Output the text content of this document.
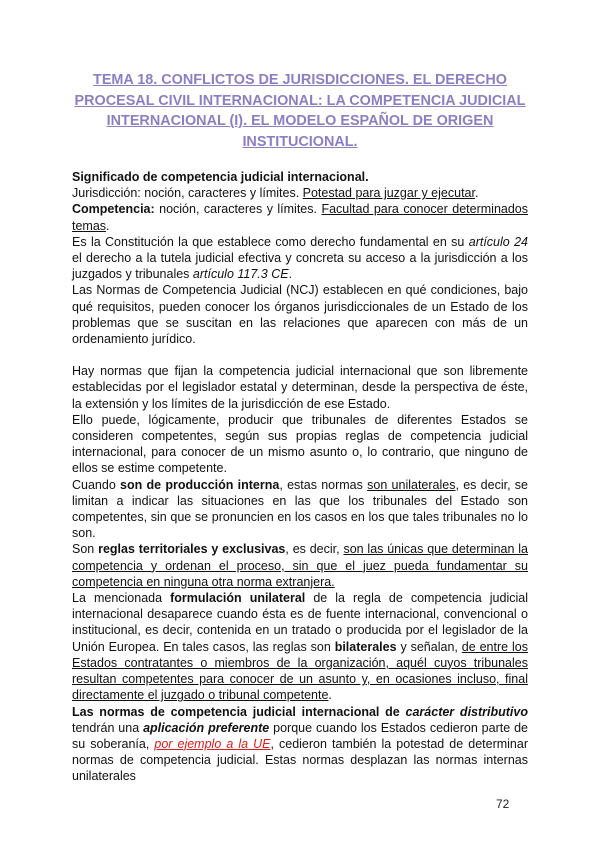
TEMA 18. CONFLICTOS DE JURISDICCIONES. EL DERECHO PROCESAL CIVIL INTERNACIONAL: LA COMPETENCIA JUDICIAL INTERNACIONAL (I). EL MODELO ESPAÑOL DE ORIGEN INSTITUCIONAL.

Significado de competencia judicial internacional.

Jurisdicción: noción, caracteres y límites. Potestad para juzgar y ejecutar.

Competencia: noción, caracteres y límites. Facultad para conocer determinados temas.

Es la Constitución la que establece como derecho fundamental en su artículo 24 el derecho a la tutela judicial efectiva y concreta su acceso a la jurisdicción a los juzgados y tribunales artículo 117.3 CE.

Las Normas de Competencia Judicial (NCJ) establecen en qué condiciones, bajo qué requisitos, pueden conocer los órganos jurisdiccionales de un Estado de los problemas que se suscitan en las relaciones que aparecen con más de un ordenamiento jurídico.

Hay normas que fijan la competencia judicial internacional que son libremente establecidas por el legislador estatal y determinan, desde la perspectiva de éste, la extensión y los límites de la jurisdicción de ese Estado.

Ello puede, lógicamente, producir que tribunales de diferentes Estados se consideren competentes, según sus propias reglas de competencia judicial internacional, para conocer de un mismo asunto o, lo contrario, que ninguno de ellos se estime competente.

Cuando son de producción interna, estas normas son unilaterales, es decir, se limitan a indicar las situaciones en las que los tribunales del Estado son competentes, sin que se pronuncien en los casos en los que tales tribunales no lo son.

Son reglas territoriales y exclusivas, es decir, son las únicas que determinan la competencia y ordenan el proceso, sin que el juez pueda fundamentar su competencia en ninguna otra norma extranjera.

La mencionada formulación unilateral de la regla de competencia judicial internacional desaparece cuando ésta es de fuente internacional, convencional o institucional, es decir, contenida en un tratado o producida por el legislador de la Unión Europea. En tales casos, las reglas son bilaterales y señalan, de entre los Estados contratantes o miembros de la organización, aquél cuyos tribunales resultan competentes para conocer de un asunto y, en ocasiones incluso, final directamente el juzgado o tribunal competente.

Las normas de competencia judicial internacional de carácter distributivo tendrán una aplicación preferente porque cuando los Estados cedieron parte de su soberanía, por ejemplo a la UE, cedieron también la potestad de determinar normas de competencia judicial. Estas normas desplazan las normas internas unilaterales

72
